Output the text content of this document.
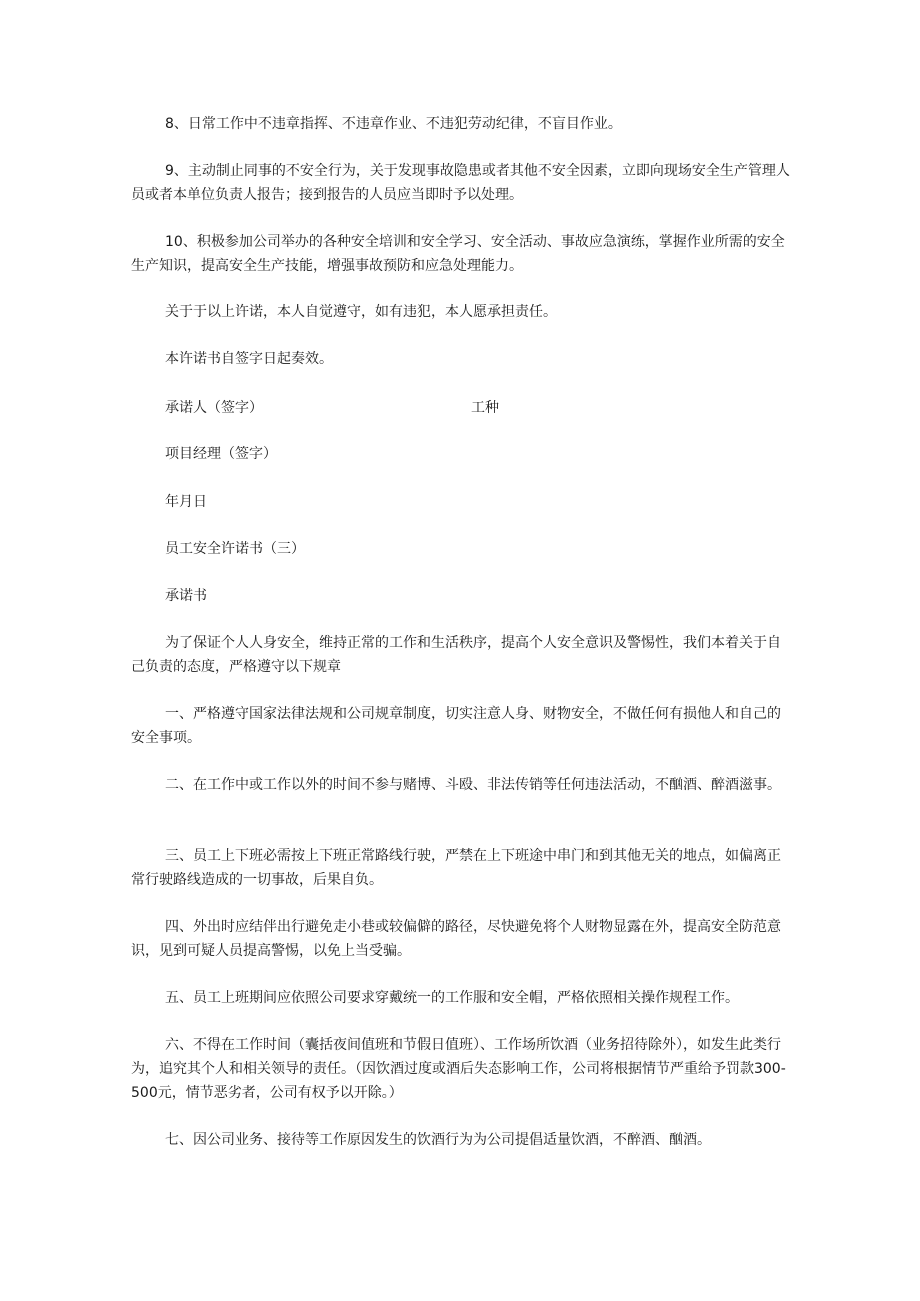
8、日常工作中不违章指挥、不违章作业、不违犯劳动纪律，不盲目作业。

9、主动制止同事的不安全行为，关于发现事故隐患或者其他不安全因素，立即向现场安全生产管理人员或者本单位负责人报告；接到报告的人员应当即时予以处理。

10、积极参加公司举办的各种安全培训和安全学习、安全活动、事故应急演练，掌握作业所需的安全生产知识，提高安全生产技能，增强事故预防和应急处理能力。

关于于以上许诺，本人自觉遵守，如有违犯，本人愿承担责任。

本许诺书自签字日起奏效。

承诺人（签字）	工种

项目经理（签字）

年月日

员工安全许诺书（三）

承诺书

为了保证个人人身安全，维持正常的工作和生活秩序，提高个人安全意识及警惕性，我们本着关于自己负责的态度，严格遵守以下规章

一、严格遵守国家法律法规和公司规章制度，切实注意人身、财物安全，不做任何有损他人和自己的安全事项。

二、在工作中或工作以外的时间不参与赌博、斗殴、非法传销等任何违法活动，不酗酒、醉酒滋事。

三、员工上下班必需按上下班正常路线行驶，严禁在上下班途中串门和到其他无关的地点，如偏离正常行驶路线造成的一切事故，后果自负。

四、外出时应结伴出行避免走小巷或较偏僻的路径，尽快避免将个人财物显露在外，提高安全防范意识，见到可疑人员提高警惕，以免上当受骗。

五、员工上班期间应依照公司要求穿戴统一的工作服和安全帽，严格依照相关操作规程工作。

六、不得在工作时间（囊括夜间值班和节假日值班）、工作场所饮酒（业务招待除外），如发生此类行为，追究其个人和相关领导的责任。（因饮酒过度或酒后失态影响工作，公司将根据情节严重给予罚款300-500元，情节恶劣者，公司有权予以开除。）

七、因公司业务、接待等工作原因发生的饮酒行为为公司提倡适量饮酒，不醉酒、酗酒。
